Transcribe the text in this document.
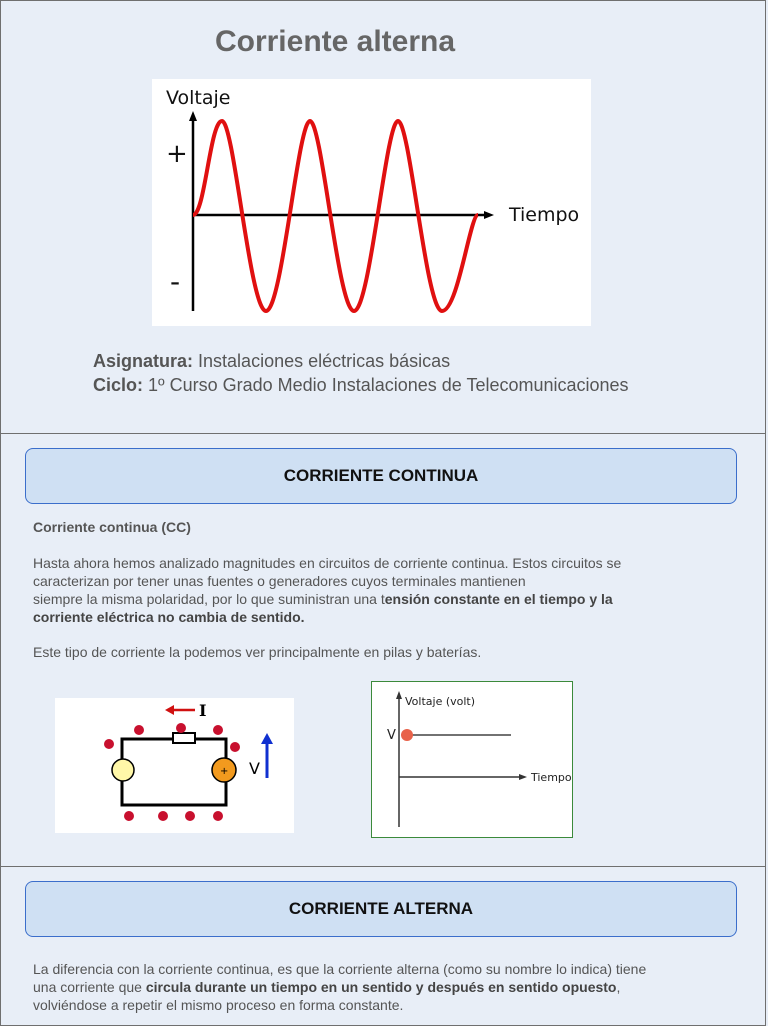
Corriente alterna
Voltaje
Tiempo
+
-
Asignatura: Instalaciones eléctricas básicas
Ciclo: 1º Curso Grado Medio Instalaciones de Telecomunicaciones
CORRIENTE CONTINUA
Corriente continua (CC)
Hasta ahora hemos analizado magnitudes en circuitos de corriente continua. Estos circuitos se
caracterizan por tener unas fuentes o generadores cuyos terminales mantienen
siempre la misma polaridad, por lo que suministran una tensión constante en el tiempo y la
corriente eléctrica no cambia de sentido.
Este tipo de corriente la podemos ver principalmente en pilas y baterías.
+
I
V
Voltaje (volt)
Tiempo
V
CORRIENTE ALTERNA
La diferencia con la corriente continua, es que la corriente alterna (como su nombre lo indica) tiene
una corriente que circula durante un tiempo en un sentido y después en sentido opuesto,
volviéndose a repetir el mismo proceso en forma constante.
